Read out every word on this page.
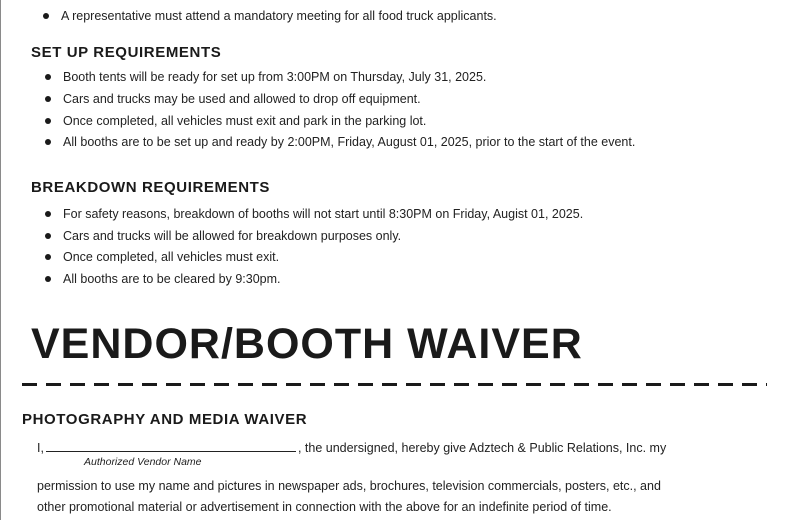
A representative must attend a mandatory meeting for all food truck applicants.
SET UP REQUIREMENTS
Booth tents will be ready for set up from 3:00PM on Thursday, July 31, 2025.
Cars and trucks may be used and allowed to drop off equipment.
Once completed, all vehicles must exit and park in the parking lot.
All booths are to be set up and ready by 2:00PM, Friday, August 01, 2025, prior to the start of the event.
BREAKDOWN REQUIREMENTS
For safety reasons, breakdown of booths will not start until 8:30PM on Friday, Augist 01, 2025.
Cars and trucks will be allowed for breakdown purposes only.
Once completed, all vehicles must exit.
All booths are to be cleared by 9:30pm.
VENDOR/BOOTH WAIVER
PHOTOGRAPHY AND MEDIA WAIVER
I,	, the undersigned, hereby give Adztech & Public Relations, Inc. my
Authorized Vendor Name
permission to use my name and pictures in newspaper ads, brochures, television commercials, posters, etc., and
other promotional material or advertisement in connection with the above for an indefinite period of time.
